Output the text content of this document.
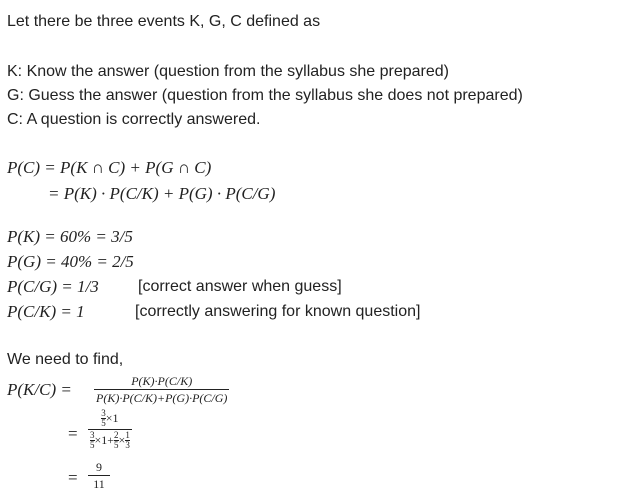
Let there be three events K, G, C defined as
K: Know the answer (question from the syllabus she prepared)
G: Guess the answer (question from the syllabus she does not prepared)
C: A question is correctly answered.
P(C) = P(K ∩ C) + P(G ∩ C)
= P(K) · P(C/K) + P(G) · P(C/G)
P(K) = 60% = 3/5
P(G) = 40% = 2/5
P(C/G) = 1/3 [correct answer when guess]
P(C/K) = 1	[correctly answering for known question]
We need to find,
P(K/C) =	P(K)·P(C/K)
P(K)·P(C/K)+P(G)·P(C/G)
=
$\frac{3}{5} \times 1$
$\frac{3}{5} \times 1+ \frac{2}{5} \times \frac{1}{3}$
=
9
11
